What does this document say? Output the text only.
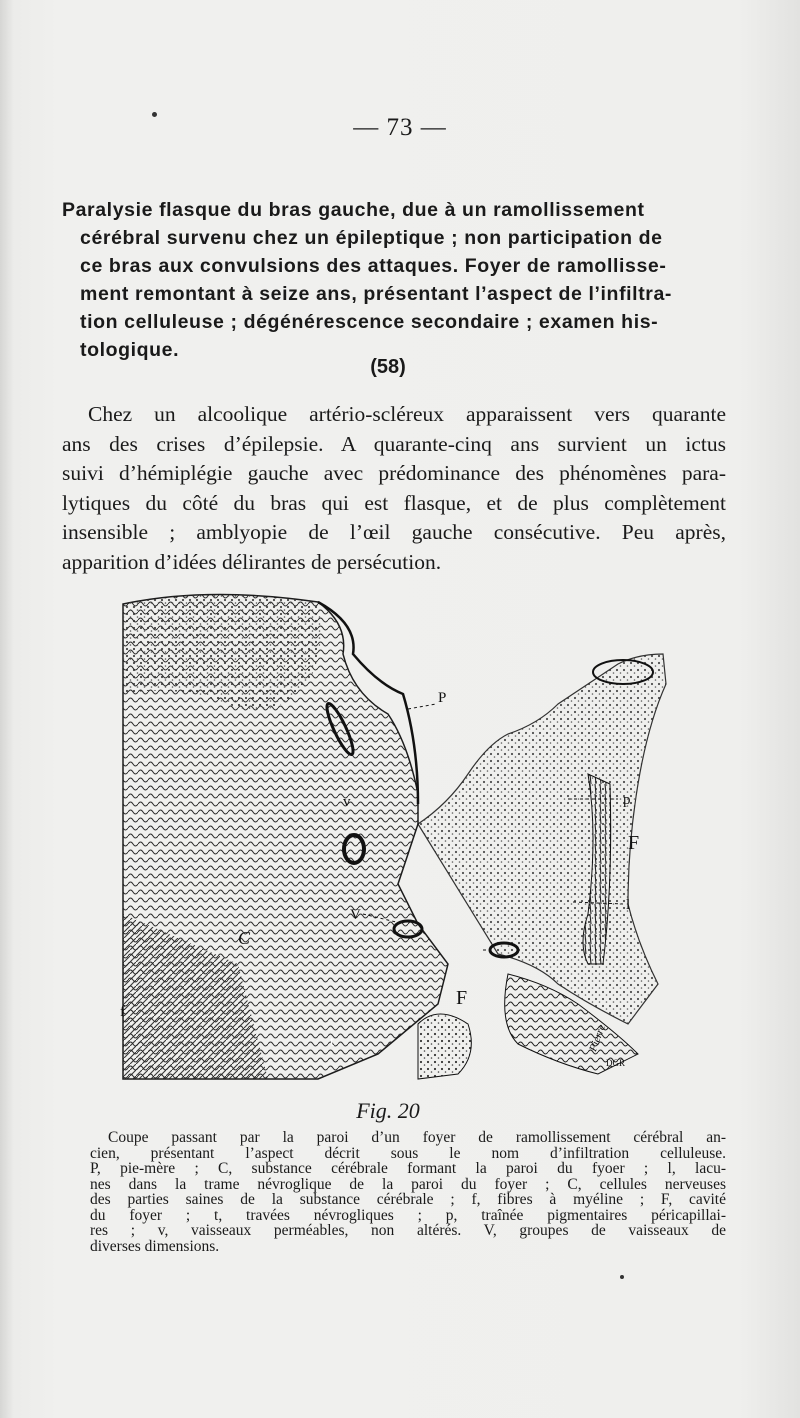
— 73 —
Paralysie flasque du bras gauche, due à un ramollissement
cérébral survenu chez un épileptique ; non participation de
ce bras aux convulsions des attaques. Foyer de ramollisse-
ment remontant à seize ans, présentant l’aspect de l’infiltra-
tion celluleuse ; dégénérescence secondaire ; examen his-
tologique.
(58)
Chez un alcoolique artério-scléreux apparaissent vers quarante
ans des crises d’épilepsie. A quarante-cinq ans survient un ictus
suivi d’hémiplégie gauche avec prédominance des phénomènes para-
lytiques du côté du bras qui est flasque, et de plus complètement
insensible ; amblyopie de l’œil gauche consécutive. Peu après,
apparition d’idées délirantes de persécution.
P
p
F
l
v
V
C
F
f
t	Pierre
DGR
Fig. 20
Coupe passant par la paroi d’un foyer de ramollissement cérébral an-
cien, présentant l’aspect décrit sous le nom d’infiltration celluleuse.
P, pie-mère ; C, substance cérébrale formant la paroi du fyoer ; l, lacu-
nes dans la trame névroglique de la paroi du foyer ; C, cellules nerveuses
des parties saines de la substance cérébrale ; f, fibres à myéline ; F, cavité
du foyer ; t, travées névrogliques ; p, traînée pigmentaires péricapillai-
res ; v, vaisseaux perméables, non altérés. V, groupes de vaisseaux de
diverses dimensions.
